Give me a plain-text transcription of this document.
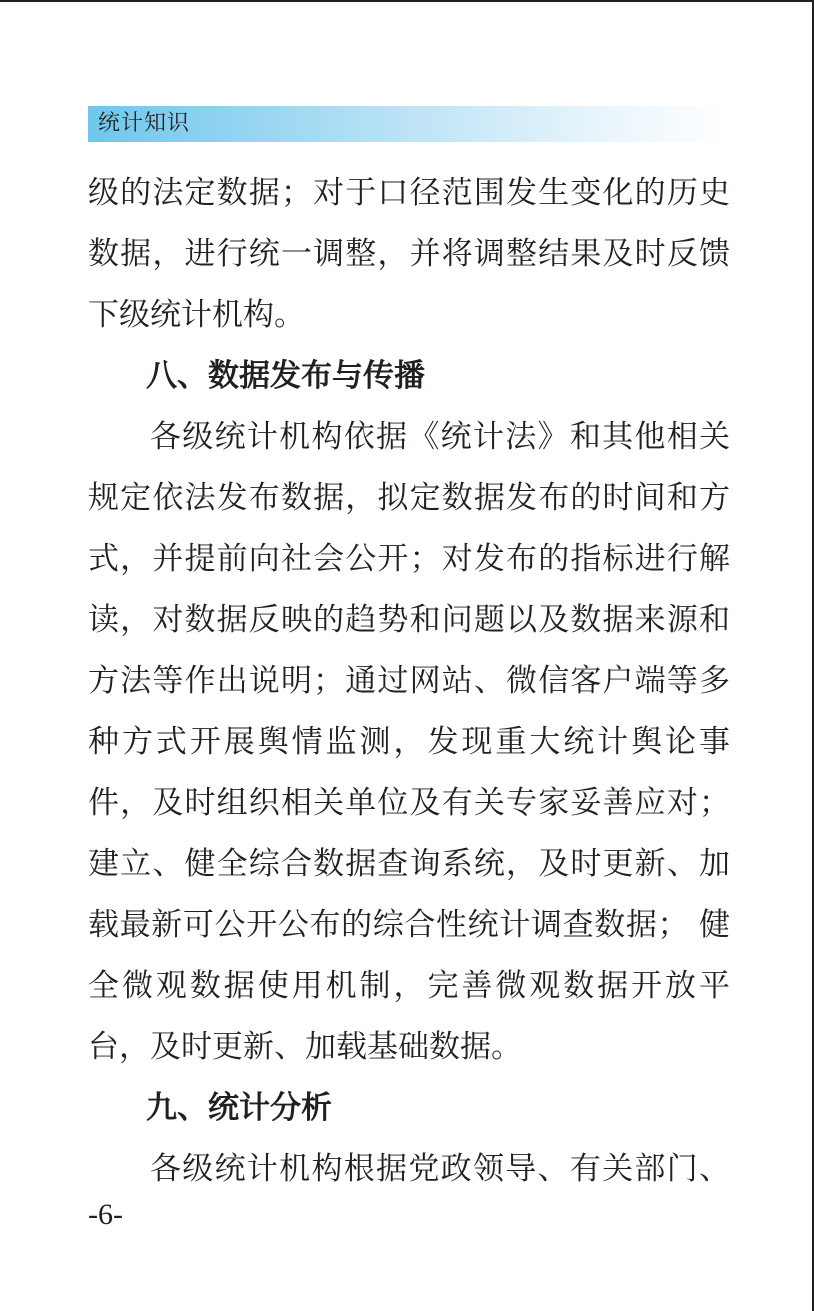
统计知识
级的法定数据；对于口径范围发生变化的历史
数据，进行统一调整，并将调整结果及时反馈
下级统计机构。
八、数据发布与传播
各级统计机构依据《统计法》和其他相关
规定依法发布数据，拟定数据发布的时间和方
式，并提前向社会公开；对发布的指标进行解
读，对数据反映的趋势和问题以及数据来源和
方法等作出说明；通过网站、微信客户端等多
种方式开展舆情监测，发现重大统计舆论事
件，及时组织相关单位及有关专家妥善应对；
建立、健全综合数据查询系统，及时更新、加
载最新可公开公布的综合性统计调查数据； 健
全微观数据使用机制，完善微观数据开放平
台，及时更新、加载基础数据。
九、统计分析
各级统计机构根据党政领导、有关部门、
-6-
